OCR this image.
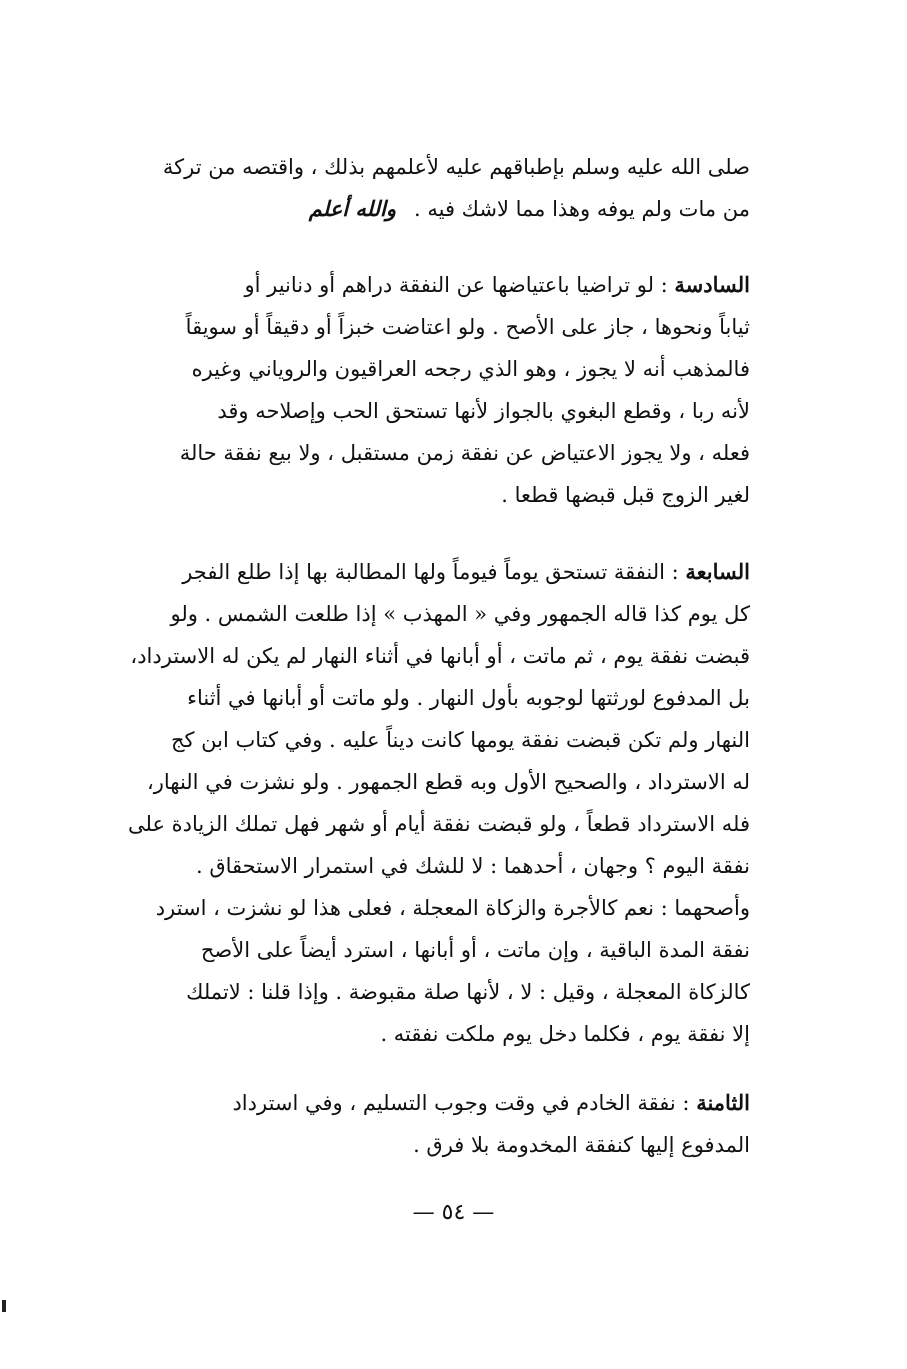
صلى الله عليه وسلم بإطباقهم عليه لأعلمهم بذلك ، واقتصه من تركة
من مات ولم يوفه وهذا مما لاشك فيه .والله أعلم
السادسة : لو تراضيا باعتياضها عن النفقة دراهم أو دنانير أو
ثياباً ونحوها ، جاز على الأصح . ولو اعتاضت خبزاً أو دقيقاً أو سويقاً
فالمذهب أنه لا يجوز ، وهو الذي رجحه العراقيون والروياني وغيره
لأنه ربا ، وقطع البغوي بالجواز لأنها تستحق الحب وإصلاحه وقد
فعله ، ولا يجوز الاعتياض عن نفقة زمن مستقبل ، ولا بيع نفقة حالة
لغير الزوج قبل قبضها قطعا .
السابعة : النفقة تستحق يوماً فيوماً ولها المطالبة بها إذا طلع الفجر
كل يوم كذا قاله الجمهور وفي « المهذب » إذا طلعت الشمس . ولو
قبضت نفقة يوم ، ثم ماتت ، أو أبانها في أثناء النهار لم يكن له الاسترداد،
بل المدفوع لورثتها لوجوبه بأول النهار . ولو ماتت أو أبانها في أثناء
النهار ولم تكن قبضت نفقة يومها كانت ديناً عليه . وفي كتاب ابن كج
له الاسترداد ، والصحيح الأول وبه قطع الجمهور . ولو نشزت في النهار،
فله الاسترداد قطعاً ، ولو قبضت نفقة أيام أو شهر فهل تملك الزيادة على
نفقة اليوم ؟ وجهان ، أحدهما : لا للشك في استمرار الاستحقاق .
وأصحهما : نعم كالأجرة والزكاة المعجلة ، فعلى هذا لو نشزت ، استرد
نفقة المدة الباقية ، وإن ماتت ، أو أبانها ، استرد أيضاً على الأصح
كالزكاة المعجلة ، وقيل : لا ، لأنها صلة مقبوضة . وإذا قلنا : لاتملك
إلا نفقة يوم ، فكلما دخل يوم ملكت نفقته .
الثامنة : نفقة الخادم في وقت وجوب التسليم ، وفي استرداد
المدفوع إليها كنفقة المخدومة بلا فرق .
— ٥٤ —
